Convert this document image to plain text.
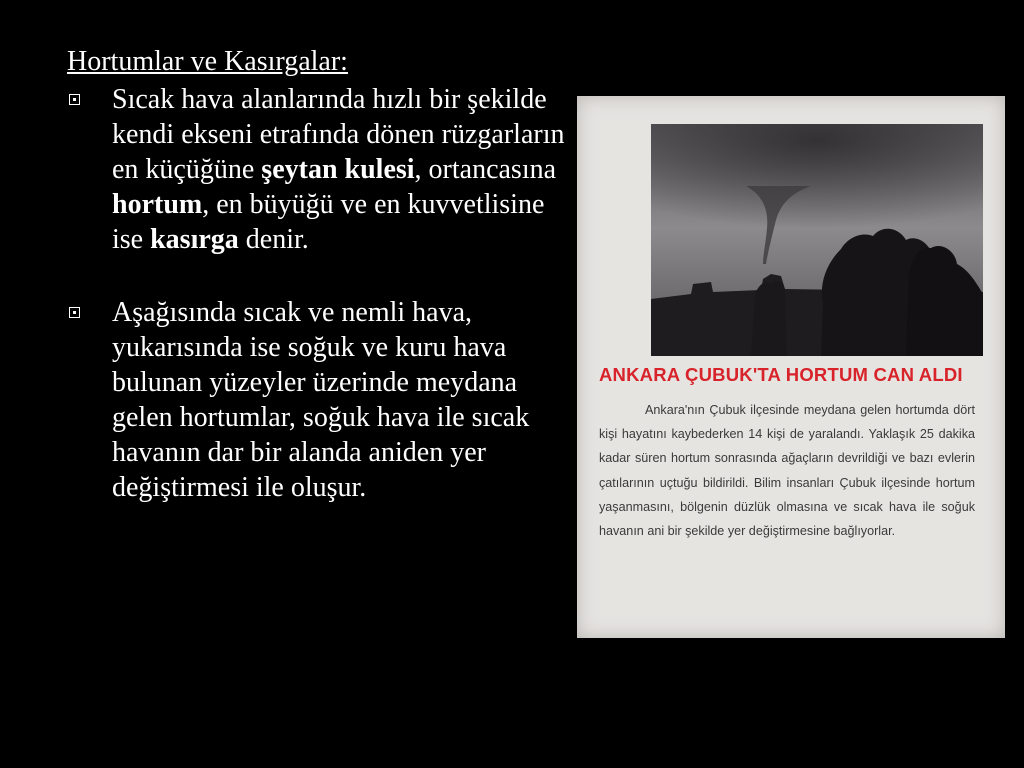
Hortumlar ve Kasırgalar:

Sıcak hava alanlarında hızlı bir şekilde kendi ekseni etrafında dönen rüzgarların en küçüğüne şeytan kulesi, ortancasına hortum, en büyüğü ve en kuvvetlisine ise kasırga denir.

Aşağısında sıcak ve nemli hava, yukarısında ise soğuk ve kuru hava bulunan yüzeyler üzerinde meydana gelen hortumlar, soğuk hava ile sıcak havanın dar bir alanda aniden yer değiştirmesi ile oluşur.

ANKARA ÇUBUK'TA HORTUM CAN ALDI
Ankara'nın Çubuk ilçesinde meydana gelen hortumda dört kişi hayatını kaybederken 14 kişi de yaralandı. Yaklaşık 25 dakika kadar süren hortum sonrasında ağaçların devrildiği ve bazı evlerin çatılarının uçtuğu bildirildi. Bilim insanları Çubuk ilçesinde hortum yaşanmasını, bölgenin düzlük olmasına ve sıcak hava ile soğuk havanın ani bir şekilde yer değiştirmesine bağlıyorlar.
